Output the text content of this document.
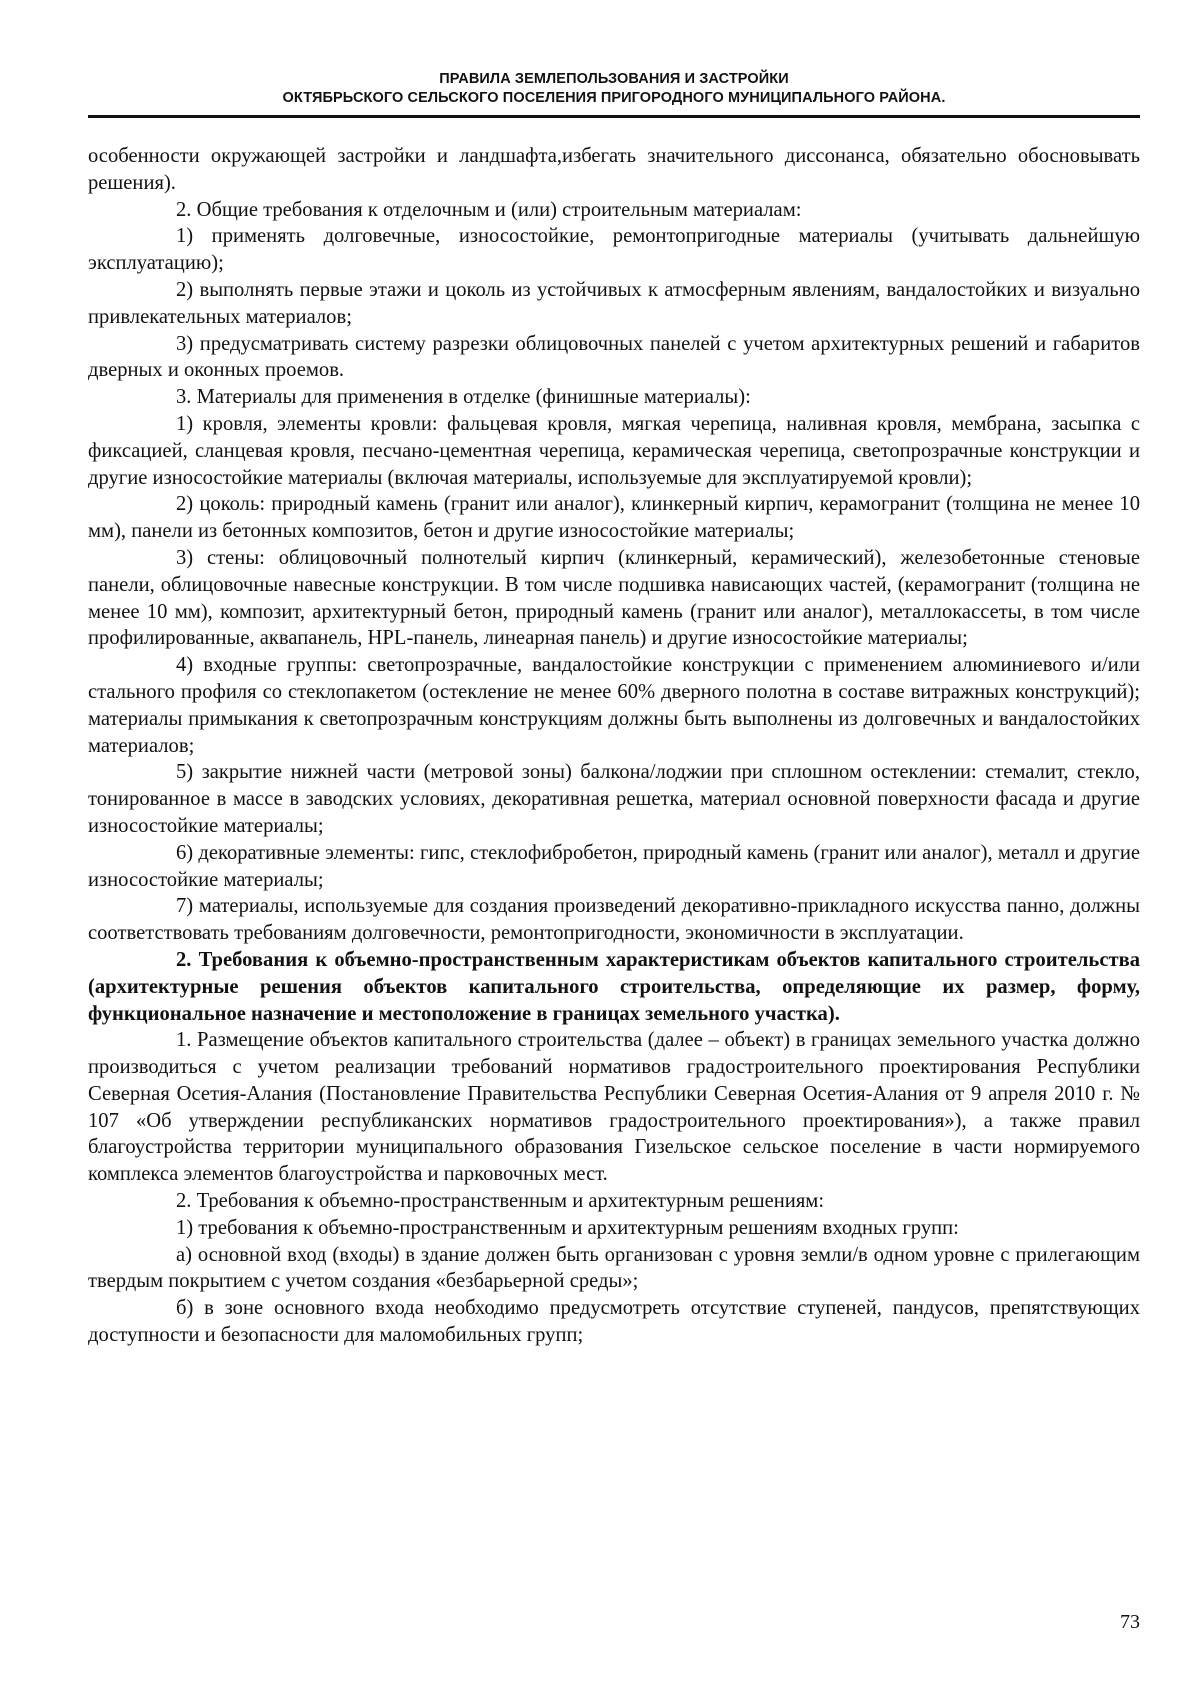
ПРАВИЛА ЗЕМЛЕПОЛЬЗОВАНИЯ И ЗАСТРОЙКИ
ОКТЯБРЬСКОГО СЕЛЬСКОГО ПОСЕЛЕНИЯ ПРИГОРОДНОГО МУНИЦИПАЛЬНОГО РАЙОНА.

особенности окружающей застройки и ландшафта,избегать значительного диссонанса, обязательно обосновывать решения).

2. Общие требования к отделочным и (или) строительным материалам:

1) применять долговечные, износостойкие, ремонтопригодные материалы (учитывать дальнейшую эксплуатацию);

2) выполнять первые этажи и цоколь из устойчивых к атмосферным явлениям, вандалостойких и визуально привлекательных материалов;

3) предусматривать систему разрезки облицовочных панелей с учетом архитектурных решений и габаритов дверных и оконных проемов.

3. Материалы для применения в отделке (финишные материалы):

1) кровля, элементы кровли: фальцевая кровля, мягкая черепица, наливная кровля, мембрана, засыпка с фиксацией, сланцевая кровля, песчано-цементная черепица, керамическая черепица, светопрозрачные конструкции и другие износостойкие материалы (включая материалы, используемые для эксплуатируемой кровли);

2) цоколь: природный камень (гранит или аналог), клинкерный кирпич, керамогранит (толщина не менее 10 мм), панели из бетонных композитов, бетон и другие износостойкие материалы;

3) стены: облицовочный полнотелый кирпич (клинкерный, керамический), железобетонные стеновые панели, облицовочные навесные конструкции. В том числе подшивка нависающих частей, (керамогранит (толщина не менее 10 мм), композит, архитектурный бетон, природный камень (гранит или аналог), металлокассеты, в том числе профилированные, аквапанель, HPL-панель, линеарная панель) и другие износостойкие материалы;

4) входные группы: светопрозрачные, вандалостойкие конструкции с применением алюминиевого и/или стального профиля со стеклопакетом (остекление не менее 60% дверного полотна в составе витражных конструкций); материалы примыкания к светопрозрачным конструкциям должны быть выполнены из долговечных и вандалостойких материалов;

5) закрытие нижней части (метровой зоны) балкона/лоджии при сплошном остеклении: стемалит, стекло, тонированное в массе в заводских условиях, декоративная решетка, материал основной поверхности фасада и другие износостойкие материалы;

6) декоративные элементы: гипс, стеклофибробетон, природный камень (гранит или аналог), металл и другие износостойкие материалы;

7) материалы, используемые для создания произведений декоративно-прикладного искусства панно, должны соответствовать требованиям долговечности, ремонтопригодности, экономичности в эксплуатации.

2. Требования к объемно-пространственным характеристикам объектов капитального строительства (архитектурные решения объектов капитального строительства, определяющие их размер, форму, функциональное назначение и местоположение в границах земельного участка).

1. Размещение объектов капитального строительства (далее – объект) в границах земельного участка должно производиться с учетом реализации требований нормативов градостроительного проектирования Республики Северная Осетия-Алания (Постановление Правительства Республики Северная Осетия-Алания от 9 апреля 2010 г. № 107 «Об утверждении республиканских нормативов градостроительного проектирования»), а также правил благоустройства территории муниципального образования Гизельское сельское поселение в части нормируемого комплекса элементов благоустройства и парковочных мест.

2. Требования к объемно-пространственным и архитектурным решениям:

1) требования к объемно-пространственным и архитектурным решениям входных групп:

а) основной вход (входы) в здание должен быть организован с уровня земли/в одном уровне с прилегающим твердым покрытием с учетом создания «безбарьерной среды»;

б) в зоне основного входа необходимо предусмотреть отсутствие ступеней, пандусов, препятствующих доступности и безопасности для маломобильных групп;

73
